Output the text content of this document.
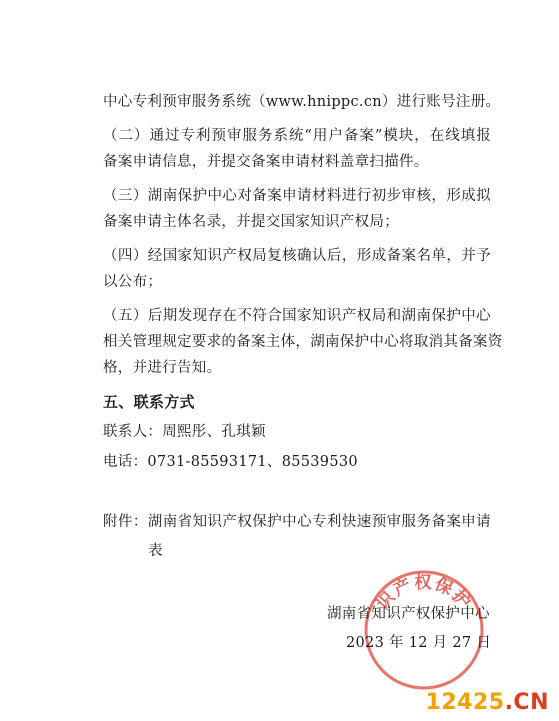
中心专利预审服务系统（www.hnippc.cn）进行账号注册。
（二）通过专利预审服务系统“用户备案”模块，在线填报
备案申请信息，并提交备案申请材料盖章扫描件。
（三）湖南保护中心对备案申请材料进行初步审核，形成拟
备案申请主体名录，并提交国家知识产权局；
（四）经国家知识产权局复核确认后，形成备案名单，并予
以公布；
（五）后期发现存在不符合国家知识产权局和湖南保护中心
相关管理规定要求的备案主体，湖南保护中心将取消其备案资
格，并进行告知。
五、联系方式
联系人：周熙彤、孔琪颖
电话：0731-85593171、85539530
附件：湖南省知识产权保护中心专利快速预审服务备案申请
表
识产权保护
湖南省知识产权保护中心
2023 年 12 月 27 日
12425.CN
